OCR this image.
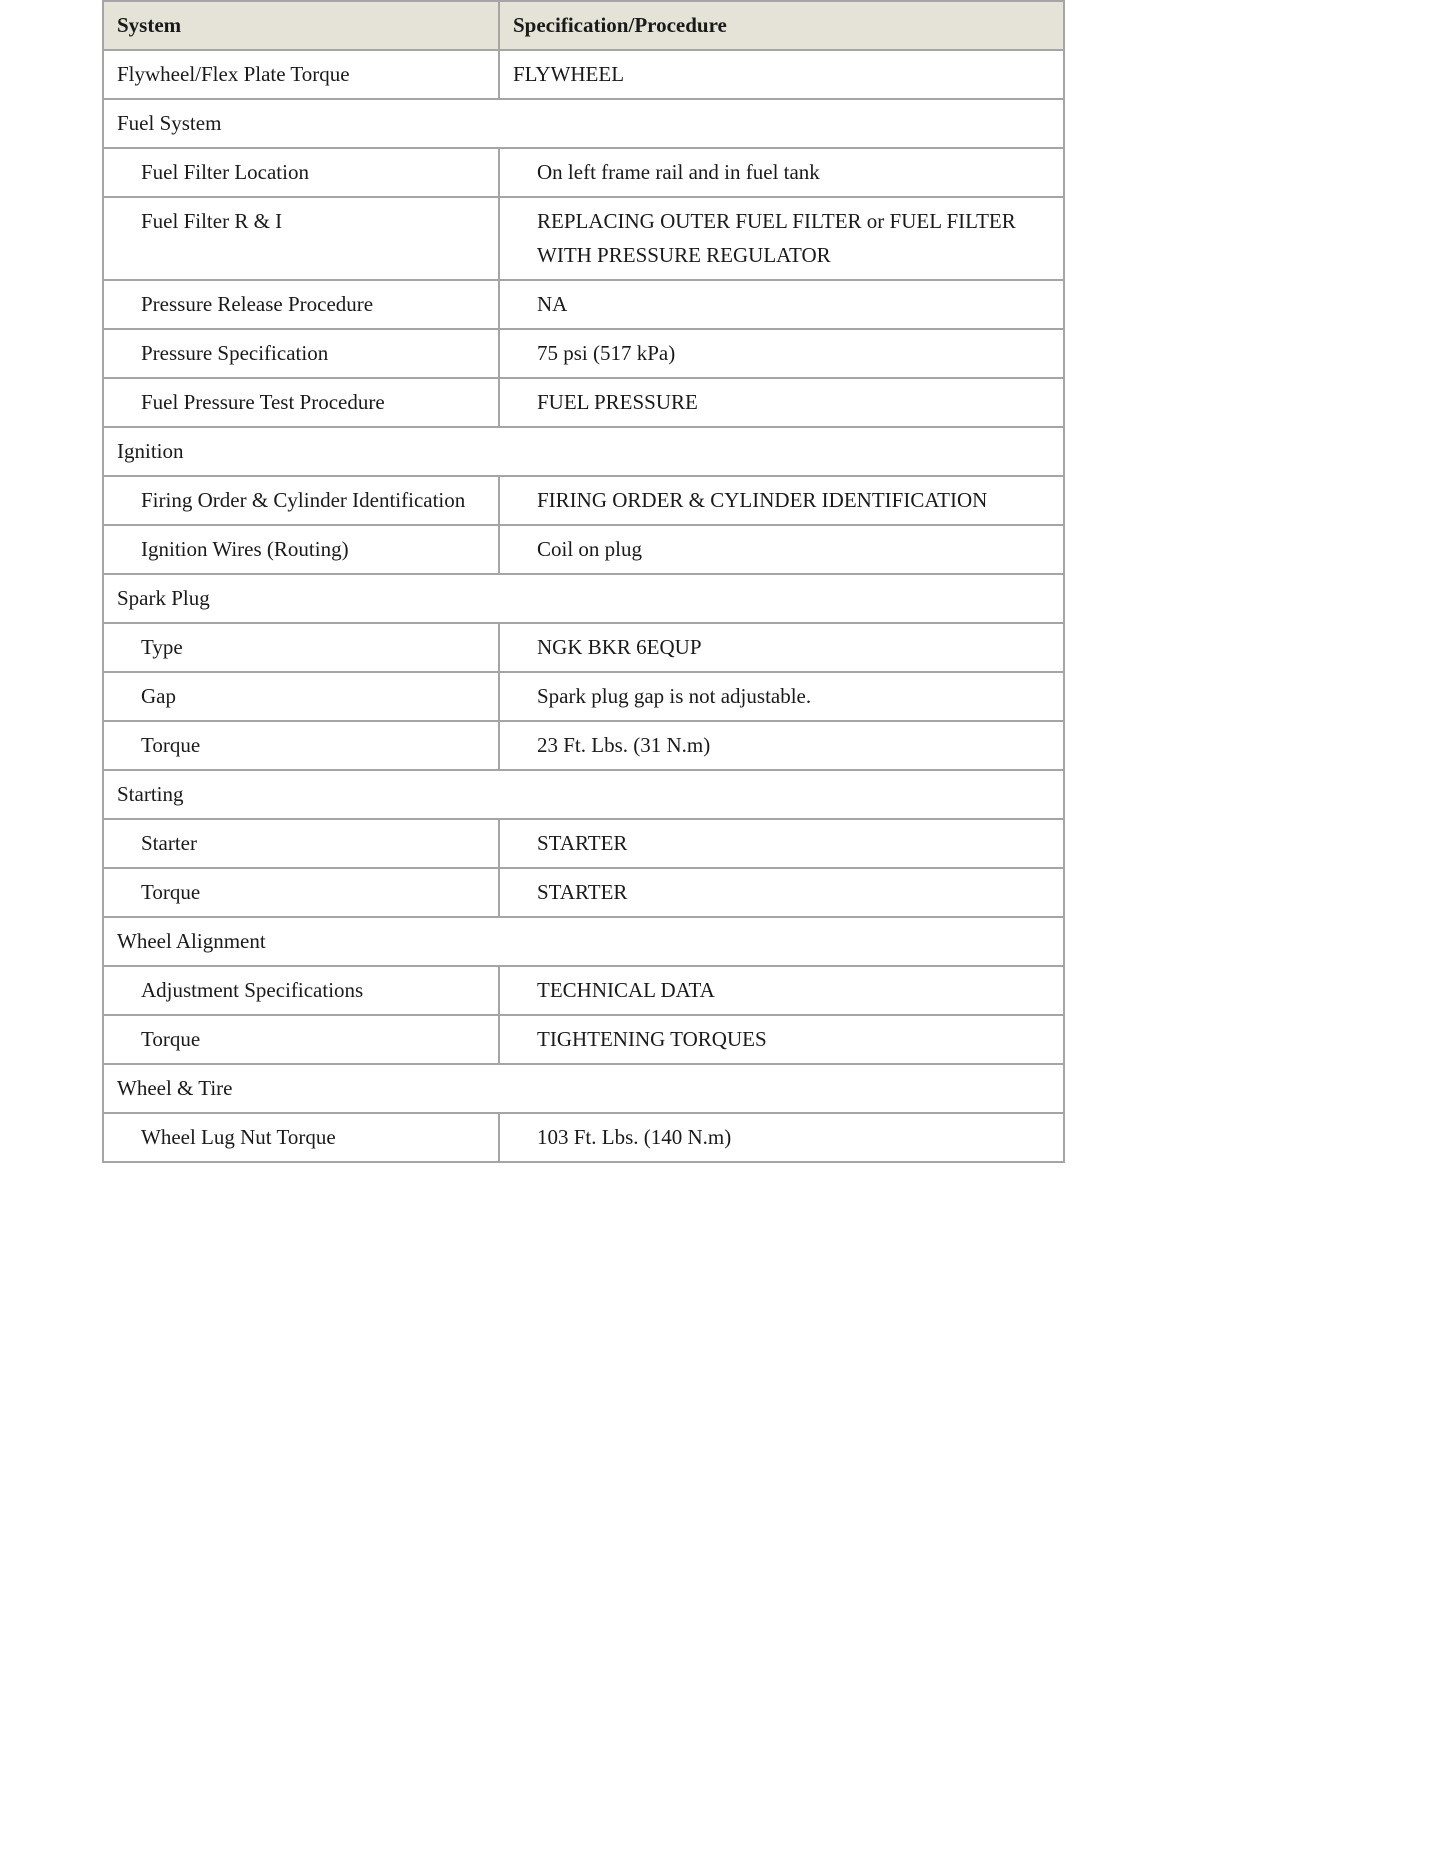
System	Specification/Procedure
Flywheel/Flex Plate Torque	FLYWHEEL
Fuel System	
Fuel Filter Location	On left frame rail and in fuel tank
Fuel Filter R & I	REPLACING OUTER FUEL FILTER or FUEL FILTER WITH PRESSURE REGULATOR
Pressure Release Procedure	NA
Pressure Specification	75 psi (517 kPa)
Fuel Pressure Test Procedure	FUEL PRESSURE
Ignition	
Firing Order & Cylinder Identification	FIRING ORDER & CYLINDER IDENTIFICATION
Ignition Wires (Routing)	Coil on plug
Spark Plug	
Type	NGK BKR 6EQUP
Gap	Spark plug gap is not adjustable.
Torque	23 Ft. Lbs. (31 N.m)
Starting	
Starter	STARTER
Torque	STARTER
Wheel Alignment	
Adjustment Specifications	TECHNICAL DATA
Torque	TIGHTENING TORQUES
Wheel & Tire	
Wheel Lug Nut Torque	103 Ft. Lbs. (140 N.m)
